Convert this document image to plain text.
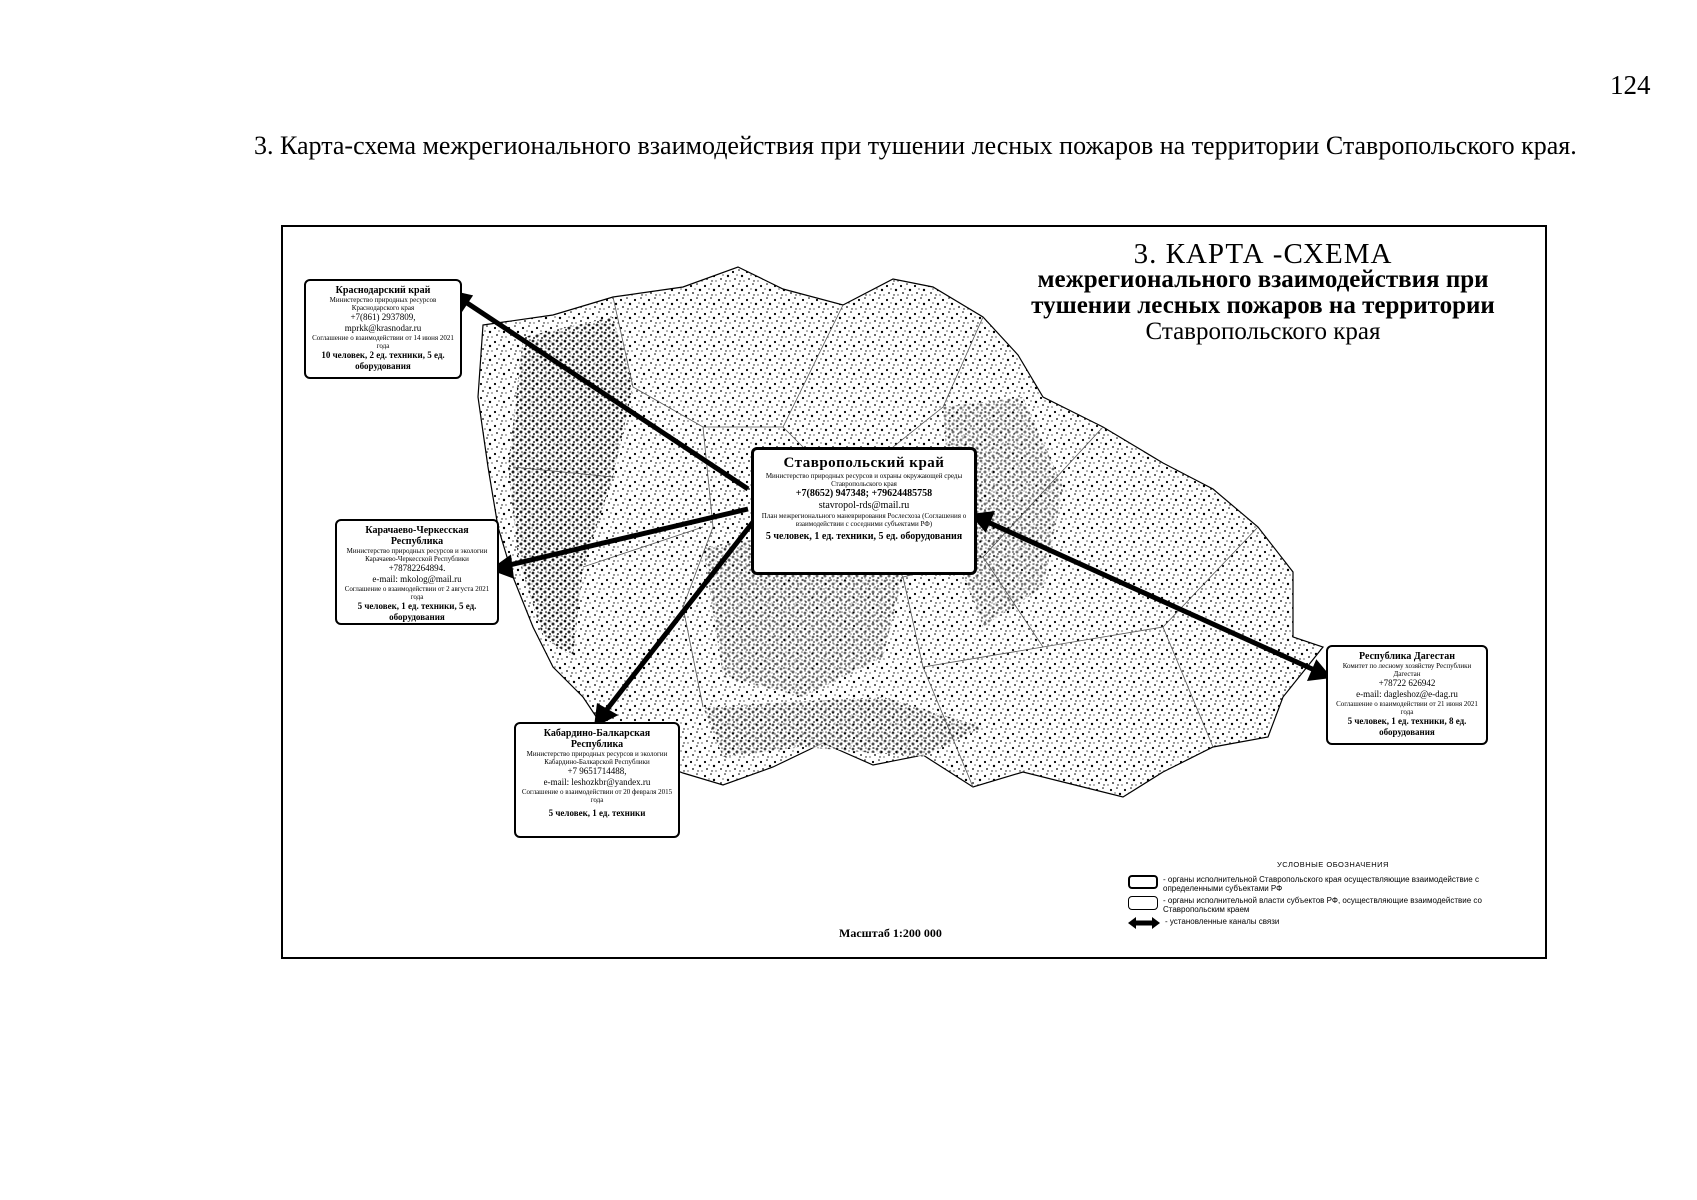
124
3. Карта-схема межрегионального взаимодействия при тушении лесных пожаров на территории Ставропольского края.
3. КАРТА -СХЕМА
межрегионального взаимодействия при
тушении лесных пожаров на территории
Ставропольского края
Ставропольский край
Министерство природных ресурсов и охраны окружающей среды Ставропольского края
+7(8652) 947348; +79624485758
stavropol-rds@mail.ru
План межрегионального маневрирования Рослесхоза (Соглашения о взаимодействии с соседними субъектами РФ)
5 человек, 1 ед. техники, 5 ед. оборудования
Краснодарский край
Министерство природных ресурсов Краснодарского края
+7(861) 2937809,
mprkk@krasnodar.ru
Соглашение о взаимодействии от 14 июня 2021 года
10 человек, 2 ед. техники, 5 ед. оборудования
Карачаево-Черкесская Республика
Министерство природных ресурсов и экологии Карачаево-Черкесской Республики
+78782264894.
e-mail: mkolog@mail.ru
Соглашение о взаимодействии от 2 августа 2021 года
5 человек, 1 ед. техники, 5 ед. оборудования
Кабардино-Балкарская Республика
Министерство природных ресурсов и экологии Кабардино-Балкарской Республики
+7 9651714488,
e-mail: leshozkbr@yandex.ru
Соглашение о взаимодействии от 20 февраля 2015 года
5 человек, 1 ед. техники
Республика Дагестан
Комитет по лесному хозяйству Республики Дагестан
+78722 626942
e-mail: dagleshoz@e-dag.ru
Соглашение о взаимодействии от 21 июня 2021 года
5 человек, 1 ед. техники, 8 ед. оборудования
УСЛОВНЫЕ ОБОЗНАЧЕНИЯ
- органы исполнительной Ставропольского края осуществляющие взаимодействие с определенными субъектами РФ
- органы исполнительной власти субъектов РФ, осуществляющие взаимодействие со Ставропольским краем
- установленные каналы связи
Масштаб 1:200 000
